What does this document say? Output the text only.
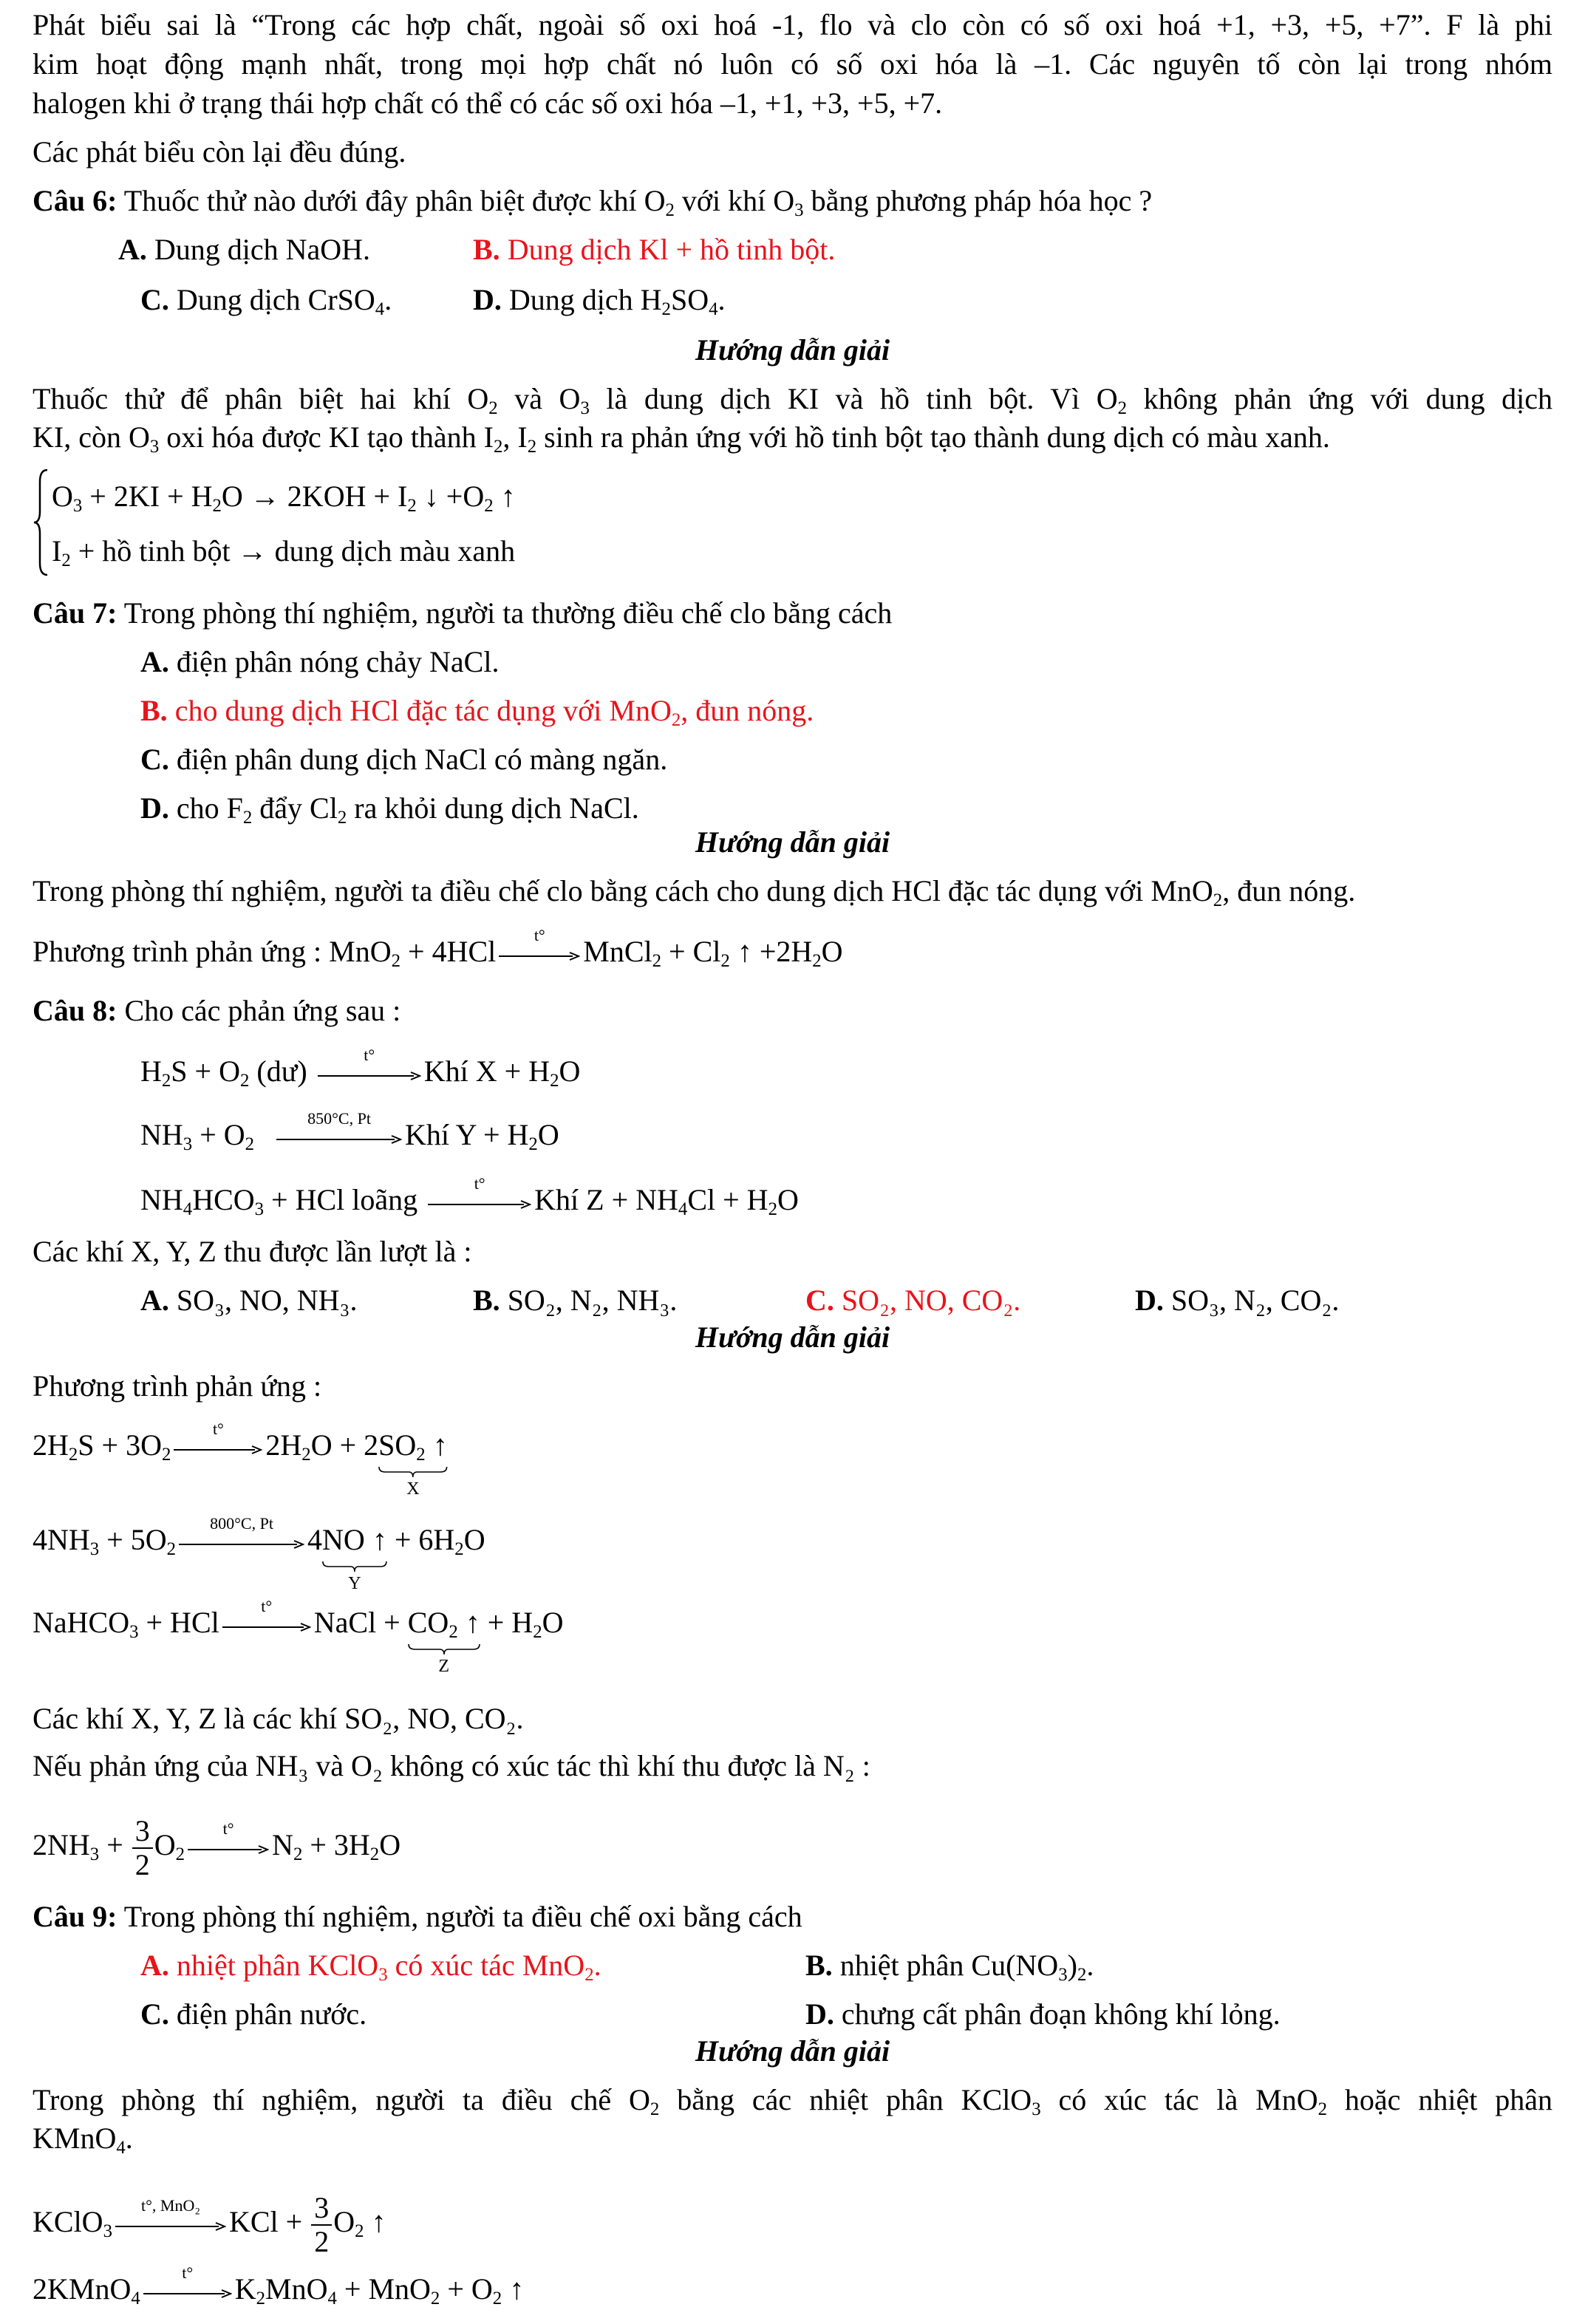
Phát biểu sai là “Trong các hợp chất, ngoài số oxi hoá -1, flo và clo còn có số oxi hoá +1, +3, +5, +7”. F là phi
kim hoạt động mạnh nhất, trong mọi hợp chất nó luôn có số oxi hóa là –1. Các nguyên tố còn lại trong nhóm
halogen khi ở trạng thái hợp chất có thể có các số oxi hóa –1, +1, +3, +5, +7.
Các phát biểu còn lại đều đúng.
Câu 6: Thuốc thử nào dưới đây phân biệt được khí $O_2$ với khí $O_3$ bằng phương pháp hóa học ?
A. Dung dịch NaOH.	B. Dung dịch Kl + hồ tinh bột.
C. Dung dịch CrSO$_4$.	D. Dung dịch $H_2SO_4$.
Hướng dẫn giải
Thuốc thử để phân biệt hai khí $O_2$ và $O_3$ là dung dịch KI và hồ tinh bột. Vì $O_2$ không phản ứng với dung dịch
KI, còn $O_3$ oxi hóa được KI tạo thành $I_2$, $I_2$ sinh ra phản ứng với hồ tinh bột tạo thành dung dịch có màu xanh.
$O_3 + 2KI + H_2O \to 2KOH + I_2$ ↓ $+O_2$ ↑
$I_2$ + hồ tinh bột → dung dịch màu xanh
Câu 7: Trong phòng thí nghiệm, người ta thường điều chế clo bằng cách
A. điện phân nóng chảy NaCl.
B. cho dung dịch HCl đặc tác dụng với MnO$_2$, đun nóng.
C. điện phân dung dịch NaCl có màng ngăn.
D. cho $F_2$ đẩy $Cl_2$ ra khỏi dung dịch NaCl.
Hướng dẫn giải
Trong phòng thí nghiệm, người ta điều chế clo bằng cách cho dung dịch HCl đặc tác dụng với MnO$_2$, đun nóng.
Phương trình phản ứng : MnO$_2$ + 4HCl	t°	MnCl$_2$ + $Cl_2$ ↑ $+2H_2O$
Câu 8: Cho các phản ứng sau :
$H_2S + O_2$ (dư)	t°	Khí $X + H_2O$
$NH_3 + O_2$
850°C, Pt	Khí $Y + H_2O$
$NH_4HCO_3$ + HCl loãng	t°	Khí $Z + NH_4Cl + H_2O$
Các khí X, Y, Z thu được lần lượt là :
A. SO₃, NO, NH₃.	B. SO₂, N₂, NH₃.	C. SO₂, NO, CO₂.	D. SO₃, N₂, CO₂.
Hướng dẫn giải
Phương trình phản ứng :
$2H_2S + 3O_2$
t°	$2H_2O + 2SO_2$ ↑
X
$4NH_3 + 5O_2$
800°C, Pt	4NO ↑
Y
+ $6H_2O$
NaHCO$_3$ + HCl	t°	NaCl + $CO_2$ ↑
Z
+ $H_2O$
Các khí X, Y, Z là các khí SO₂, NO, CO₂.
Nếu phản ứng của NH₃ và O₂ không có xúc tác thì khí thu được là N₂ :
$2NH_3 + \frac{3}{2} O_2$
t°	$N_2 + 3H_2O$
Câu 9: Trong phòng thí nghiệm, người ta điều chế oxi bằng cách
A. nhiệt phân KClO$_3$ có xúc tác MnO$_2$.	B. nhiệt phân $Cu(NO_3)_2$.
C. điện phân nước.	D. chưng cất phân đoạn không khí lỏng.
Hướng dẫn giải
Trong phòng thí nghiệm, người ta điều chế $O_2$ bằng các nhiệt phân KClO$_3$ có xúc tác là MnO$_2$ hoặc nhiệt phân
KMnO$_4$.
KClO$_3$
t°, MnO₂ KCl + $\frac{3}{2} O_2$ ↑
2KMnO$_4$
t°	$K_2MnO_4 + MnO_2 + O_2$ ↑
